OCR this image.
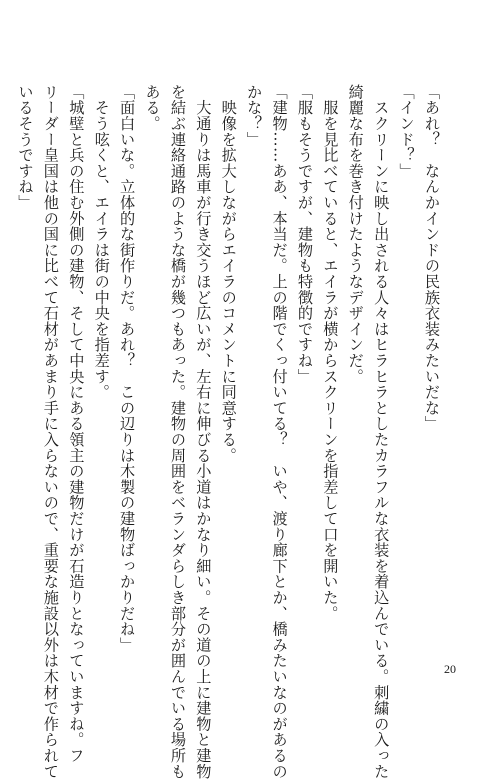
「あれ？　なんかインドの民族衣装みたいだな」
「インド？」
　スクリーンに映し出される人々はヒラヒラとしたカラフルな衣装を着込んでいる。刺繍の入った
綺麗な布を巻き付けたようなデザインだ。
　服を見比べていると、エイラが横からスクリーンを指差して口を開いた。
「服もそうですが、建物も特徴的ですね」
「建物……ああ、本当だ。上の階でくっ付いてる？　いや、渡り廊下とか、橋みたいなのがあるの
かな？」
　映像を拡大しながらエイラのコメントに同意する。
　大通りは馬車が行き交うほど広いが、左右に伸びる小道はかなり細い。その道の上に建物と建物
を結ぶ連絡通路のような橋が幾つもあった。建物の周囲をベランダらしき部分が囲んでいる場所も
ある。
「面白いな。立体的な街作りだ。あれ？　この辺りは木製の建物ばっかりだね」
　そう呟くと、エイラは街の中央を指差す。
「城壁と兵の住む外側の建物、そして中央にある領主の建物だけが石造りとなっていますね。フ
リーダー皇国は他の国に比べて石材があまり手に入らないので、重要な施設以外は木材で作られて
いるそうですね」
20
